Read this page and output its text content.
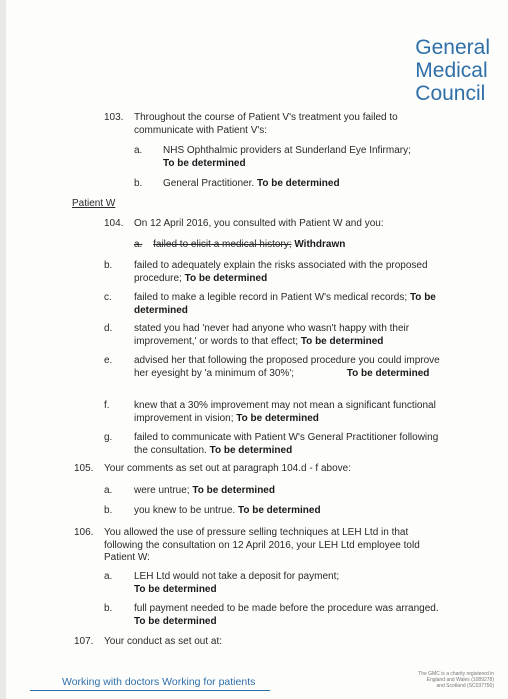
General
Medical
Council
103.	Throughout the course of Patient V's treatment you failed to communicate with Patient V's:
a.	NHS Ophthalmic providers at Sunderland Eye Infirmary;
To be determined
b.	General Practitioner. To be determined
Patient W
104.	On 12 April 2016, you consulted with Patient W and you:
a. failed to elicit a medical history; Withdrawn
b.	failed to adequately explain the risks associated with the proposed procedure; To be determined
c.	failed to make a legible record in Patient W's medical records; To be determined
d.	stated you had 'never had anyone who wasn't happy with their improvement,' or words to that effect; To be determined
e.	advised her that following the proposed procedure you could improve her eyesight by 'a minimum of 30%';	To be determined
f.	knew that a 30% improvement may not mean a significant functional improvement in vision; To be determined
g.	failed to communicate with Patient W's General Practitioner following the consultation. To be determined
105.	Your comments as set out at paragraph 104.d - f above:
a.	were untrue; To be determined
b.	you knew to be untrue. To be determined
106.	You allowed the use of pressure selling techniques at LEH Ltd in that following the consultation on 12 April 2016, your LEH Ltd employee told Patient W:
a.	LEH Ltd would not take a deposit for payment;
To be determined
b.	full payment needed to be made before the procedure was arranged.
To be determined
107.	Your conduct as set out at:
Working with doctors Working for patients
The GMC is a charity registered in
England and Wales (1089278)
and Scotland (SC037750)
